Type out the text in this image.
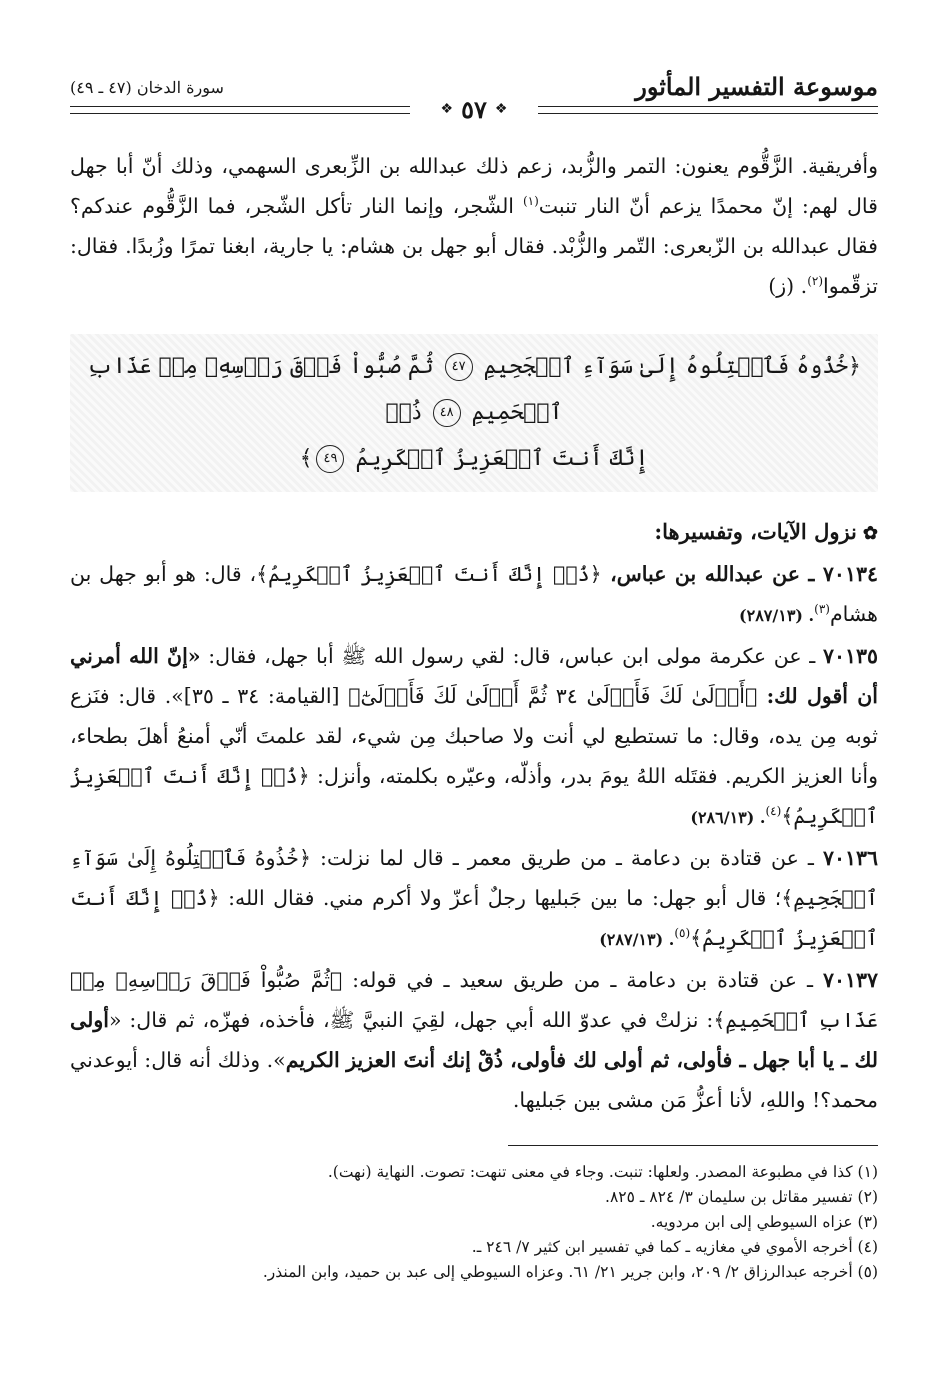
موسوعة التفسير المأثور
سورة الدخان (٤٧ ـ ٤٩)
❖
٥٧
❖

وأفريقية. الزَّقُّوم يعنون: التمر والزُّبد، زعم ذلك عبدالله بن الزِّبعرى السهمي، وذلك أنّ أبا جهل قال لهم: إنّ محمدًا يزعم أنّ النار تنبت$^{(١)}$ الشّجر، وإنما النار تأكل الشّجر، فما الزَّقُّوم عندكم؟ فقال عبدالله بن الزّبعرى: التّمر والزُّبْد. فقال أبو جهل بن هشام: يا جارية، ابغنا تمرًا وزُبدًا. فقال: تزقّموا$^{(٢)}$. (ز)

﴿خُذُوهُ فَٱعۡتِلُوهُ إِلَىٰ سَوَآءِ ٱلۡجَحِيمِ ٤٧ ثُمَّ صُبُّواْ فَوۡقَ رَأۡسِهِۦ مِنۡ عَذَابِ ٱلۡحَمِيمِ ٤٨ ذُقۡ
إِنَّكَ أَنتَ ٱلۡعَزِيزُ ٱلۡكَرِيمُ ٤٩﴾

✿نزول الآيات، وتفسيرها:

٧٠١٣٤ ـ عن عبدالله بن عباس، ﴿ذُقۡ إِنَّكَ أَنتَ ٱلۡعَزِيزُ ٱلۡكَرِيمُ﴾، قال: هو أبو جهل بن هشام$^{(٣)}$. (٢٨٧/١٣)

٧٠١٣٥ ـ عن عكرمة مولى ابن عباس، قال: لقي رسول الله ﷺ أبا جهل، فقال: «إنّ الله أمرني أن أقول لك: ﴿أَوۡلَىٰ لَكَ فَأَوۡلَىٰ ٣٤ ثُمَّ أَوۡلَىٰ لَكَ فَأَوۡلَىٰٓ﴾ [القيامة: ٣٤ ـ ٣٥]». قال: فنَزع ثوبه مِن يده، وقال: ما تستطيع لي أنت ولا صاحبك مِن شيء، لقد علمتَ أنّي أمنعُ أهلَ بطحاء، وأنا العزيز الكريم. فقتَله اللهُ يومَ بدر، وأذلّه، وعيّره بكلمته، وأنزل: ﴿ذُقۡ إِنَّكَ أَنتَ ٱلۡعَزِيزُ ٱلۡكَرِيمُ﴾$^{(٤)}$. (٢٨٦/١٣)

٧٠١٣٦ ـ عن قتادة بن دعامة ـ من طريق معمر ـ قال لما نزلت: ﴿خُذُوهُ فَٱعۡتِلُوهُ إِلَىٰ سَوَآءِ ٱلۡجَحِيمِ﴾؛ قال أبو جهل: ما بين جَبليها رجلٌ أعزّ ولا أكرم مني. فقال الله: ﴿ذُقۡ إِنَّكَ أَنتَ ٱلۡعَزِيزُ ٱلۡكَرِيمُ﴾$^{(٥)}$. (٢٨٧/١٣)

٧٠١٣٧ ـ عن قتادة بن دعامة ـ من طريق سعيد ـ في قوله: ﴿ثُمَّ صُبُّواْ فَوۡقَ رَأۡسِهِۦ مِنۡ عَذَابِ ٱلۡحَمِيمِ﴾: نزلتْ في عدوّ الله أبي جهل، لقِيَ النبيَّ ﷺ، فأخذه، فهزّه، ثم قال: «أولى لك ـ يا أبا جهل ـ فأولى، ثم أولى لك فأولى، ذُقْ إنك أنتَ العزيز الكريم». وذلك أنه قال: أيوعدني محمد؟! واللهِ، لأنا أعزُّ مَن مشى بين جَبليها.

(١) كذا في مطبوعة المصدر. ولعلها: تنبت. وجاء في معنى تنهت: تصوت. النهاية (نهت).
(٢) تفسير مقاتل بن سليمان ٣/ ٨٢٤ ـ ٨٢٥.
(٣) عزاه السيوطي إلى ابن مردويه.
(٤) أخرجه الأموي في مغازيه ـ كما في تفسير ابن كثير ٧/ ٢٤٦ ـ.
(٥) أخرجه عبدالرزاق ٢/ ٢٠٩، وابن جرير ٢١/ ٦١. وعزاه السيوطي إلى عبد بن حميد، وابن المنذر.
